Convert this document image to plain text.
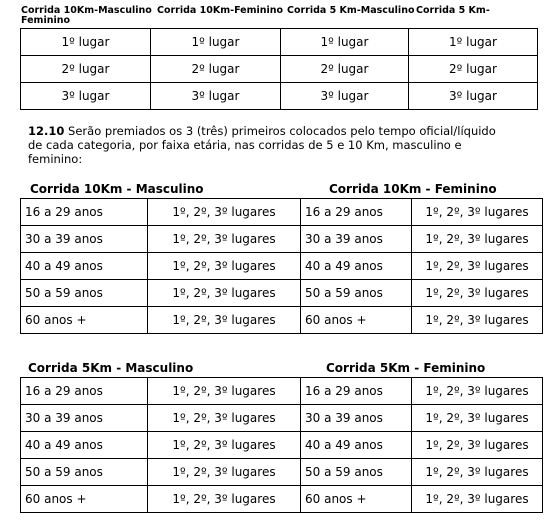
Corrida 10Km-Masculino Corrida 10Km-Feminino Corrida 5 Km-Masculino Corrida 5 Km-
Feminino
1º lugar	1º lugar	1º lugar	1º lugar
2º lugar	2º lugar	2º lugar	2º lugar
3º lugar	3º lugar	3º lugar	3º lugar
12.10 Serão premiados os 3 (três) primeiros colocados pelo tempo oficial/líquido
de cada categoria, por faixa etária, nas corridas de 5 e 10 Km, masculino e
feminino:
Corrida 10Km - Masculino	Corrida 10Km - Feminino
16 a 29 anos	1º, 2º, 3º lugares	16 a 29 anos	1º, 2º, 3º lugares
30 a 39 anos	1º, 2º, 3º lugares	30 a 39 anos	1º, 2º, 3º lugares
40 a 49 anos	1º, 2º, 3º lugares	40 a 49 anos	1º, 2º, 3º lugares
50 a 59 anos	1º, 2º, 3º lugares	50 a 59 anos	1º, 2º, 3º lugares
60 anos +	1º, 2º, 3º lugares	60 anos +	1º, 2º, 3º lugares
Corrida 5Km - Masculino	Corrida 5Km - Feminino
16 a 29 anos	1º, 2º, 3º lugares	16 a 29 anos	1º, 2º, 3º lugares
30 a 39 anos	1º, 2º, 3º lugares	30 a 39 anos	1º, 2º, 3º lugares
40 a 49 anos	1º, 2º, 3º lugares	40 a 49 anos	1º, 2º, 3º lugares
50 a 59 anos	1º, 2º, 3º lugares	50 a 59 anos	1º, 2º, 3º lugares
60 anos +	1º, 2º, 3º lugares	60 anos +	1º, 2º, 3º lugares
